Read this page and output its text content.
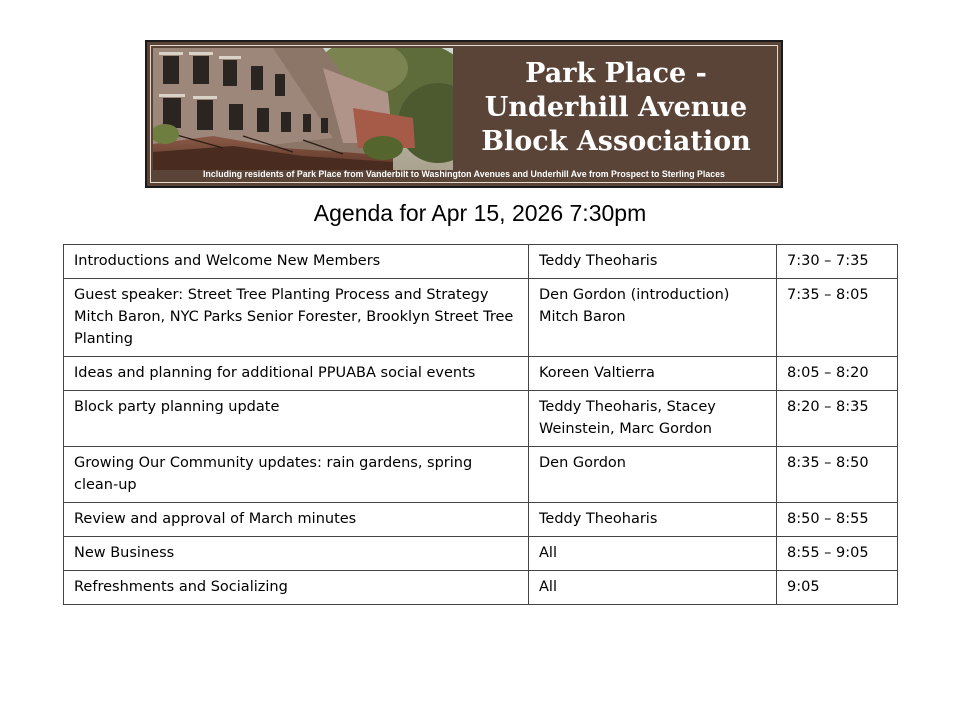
Park Place -
Underhill Avenue
Block Association
Including residents of Park Place from Vanderbilt to Washington Avenues and Underhill Ave from Prospect to Sterling Places
Agenda for Apr 15, 2026 7:30pm
Introductions and Welcome New Members	Teddy Theoharis	7:30 – 7:35
Guest speaker: Street Tree Planting Process and Strategy
Mitch Baron, NYC Parks Senior Forester, Brooklyn Street Tree Planting	Den Gordon (introduction)
Mitch Baron	7:35 – 8:05
Ideas and planning for additional PPUABA social events	Koreen Valtierra	8:05 – 8:20
Block party planning update	Teddy Theoharis, Stacey Weinstein, Marc Gordon	8:20 – 8:35
Growing Our Community updates: rain gardens, spring clean-up	Den Gordon	8:35 – 8:50
Review and approval of March minutes	Teddy Theoharis	8:50 – 8:55
New Business	All	8:55 – 9:05
Refreshments and Socializing	All	9:05
